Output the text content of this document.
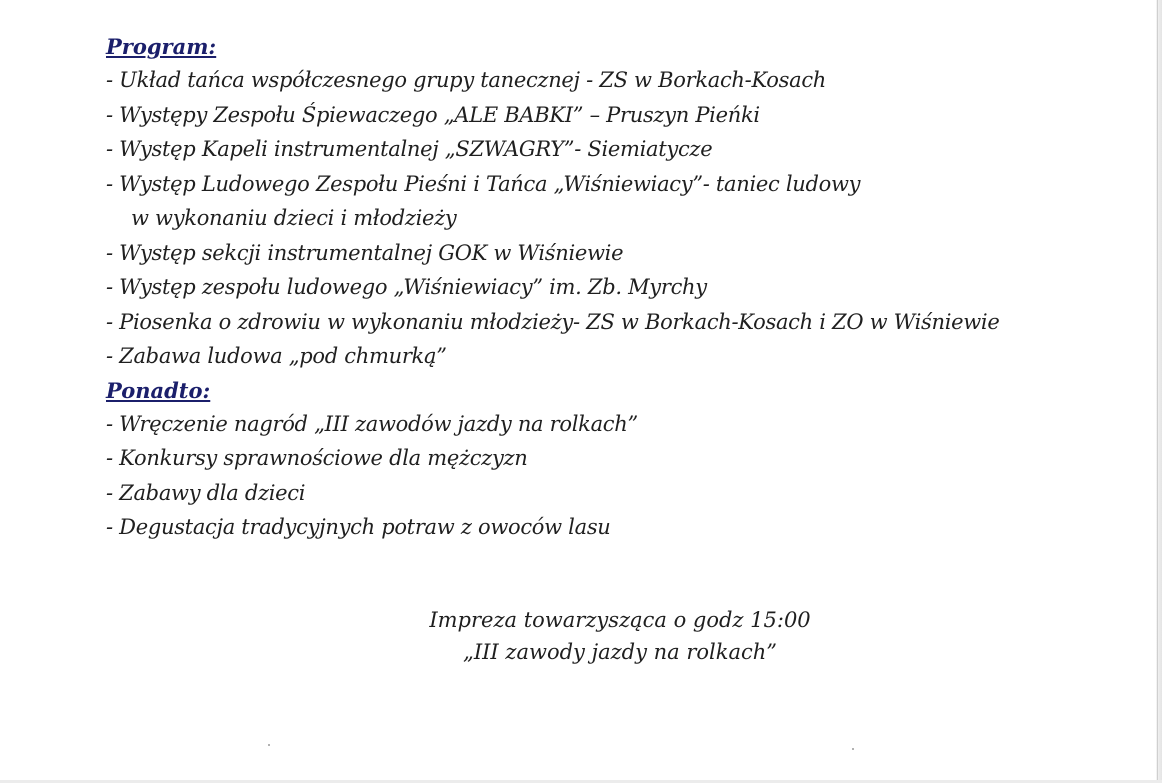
Program:
- Układ tańca współczesnego grupy tanecznej - ZS w Borkach-Kosach
- Występy Zespołu Śpiewaczego „ALE BABKI” – Pruszyn Pieńki
- Występ Kapeli instrumentalnej „SZWAGRY”- Siemiatycze
- Występ Ludowego Zespołu Pieśni i Tańca „Wiśniewiacy”- taniec ludowy
w wykonaniu dzieci i młodzieży
- Występ sekcji instrumentalnej GOK w Wiśniewie
- Występ zespołu ludowego „Wiśniewiacy” im. Zb. Myrchy
- Piosenka o zdrowiu w wykonaniu młodzieży- ZS w Borkach-Kosach i ZO w Wiśniewie
- Zabawa ludowa „pod chmurką”
Ponadto:
- Wręczenie nagród „III zawodów jazdy na rolkach”
- Konkursy sprawnościowe dla mężczyzn
- Zabawy dla dzieci
- Degustacja tradycyjnych potraw z owoców lasu
Impreza towarzysząca o godz 15:00
„III zawody jazdy na rolkach”
